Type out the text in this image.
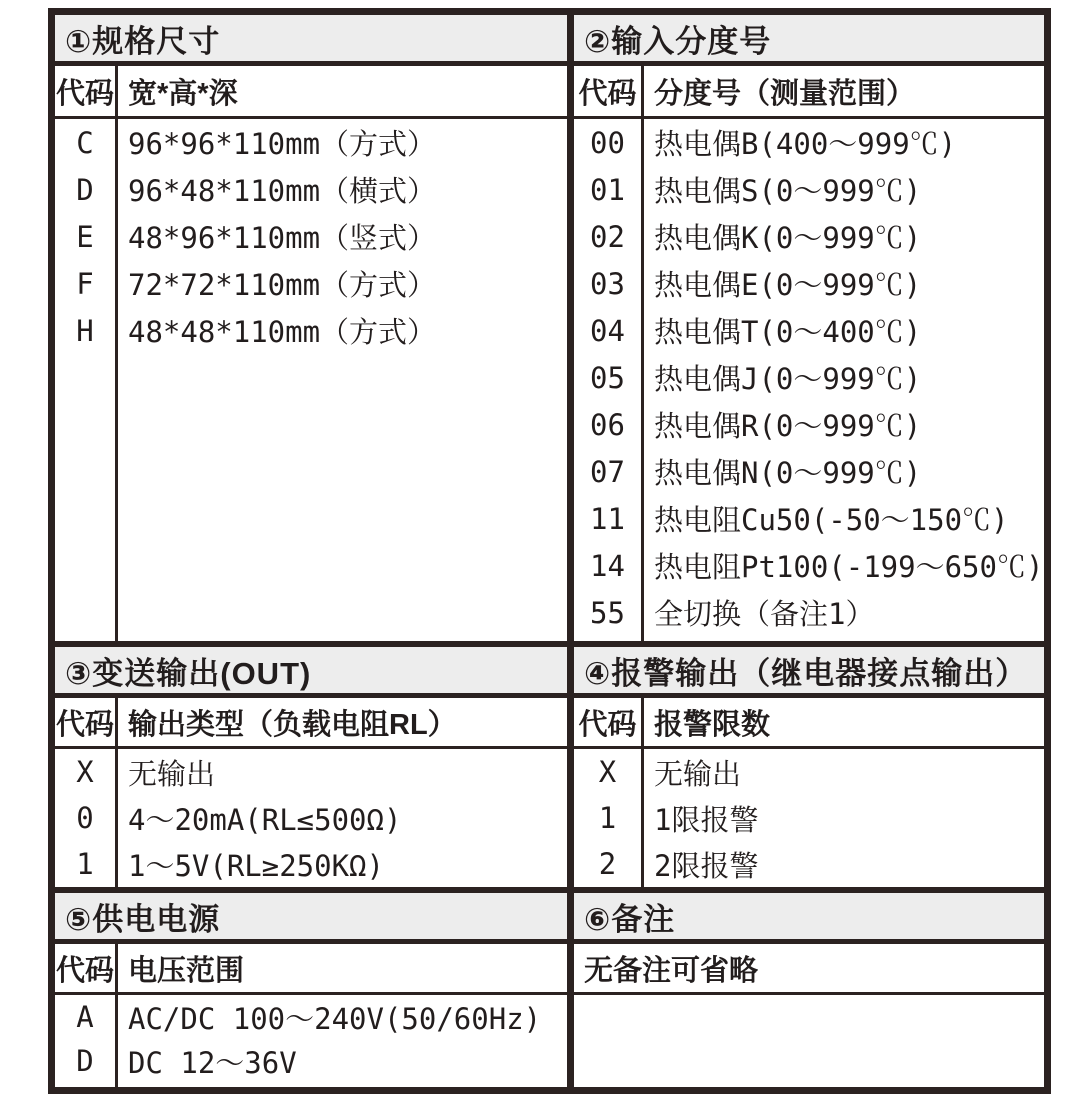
①规格尺寸
代码 宽*高*深
C
D
E
F
H
96*96*110mm（方式）
96*48*110mm（横式）
48*96*110mm（竖式）
72*72*110mm（方式）
48*48*110mm（方式）
②输入分度号
代码 分度号（测量范围）
00
01
02
03
04
05
06
07
11
14
55
热电偶B(400～999℃)
热电偶S(0～999℃)
热电偶K(0～999℃)
热电偶E(0～999℃)
热电偶T(0～400℃)
热电偶J(0～999℃)
热电偶R(0～999℃)
热电偶N(0～999℃)
热电阻Cu50(-50～150℃)
热电阻Pt100(-199～650℃)
全切换（备注1）
③变送输出(OUT)
代码 输出类型（负载电阻RL）
X
0
1
无输出
4～20mA(RL≤500Ω)
1～5V(RL≥250KΩ)
④报警输出（继电器接点输出）
代码 报警限数
X
1
2
无输出
1限报警
2限报警
⑤供电电源
代码 电压范围
A
D
AC/DC 100～240V(50/60Hz)
DC 12～36V
⑥备注
无备注可省略
